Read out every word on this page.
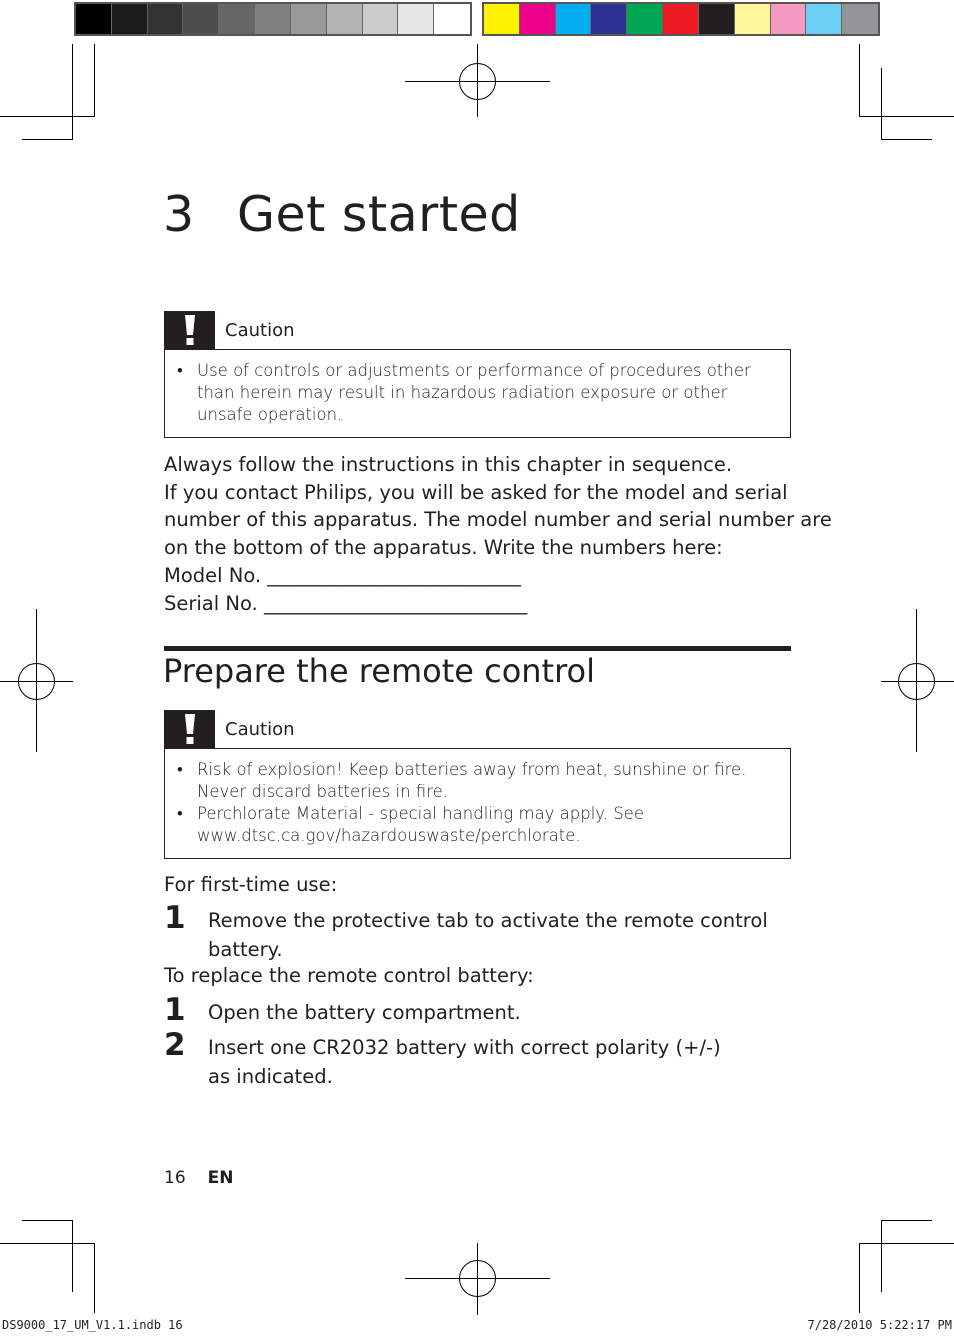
3 Get started
Caution
• Use of controls or adjustments or performance of procedures other than herein may result in hazardous radiation exposure or other unsafe operation.
Always follow the instructions in this chapter in sequence.
If you contact Philips, you will be asked for the model and serial
number of this apparatus. The model number and serial number are
on the bottom of the apparatus. Write the numbers here:
Model No. __________________________
Serial No. ___________________________
Prepare the remote control
Caution
• Risk of explosion! Keep batteries away from heat, sunshine or fire. Never discard batteries in fire.
• Perchlorate Material - special handling may apply. See www.dtsc.ca.gov/hazardouswaste/perchlorate.
For first-time use:
1 Remove the protective tab to activate the remote control battery.
To replace the remote control battery:
1 Open the battery compartment.
2 Insert one CR2032 battery with correct polarity (+/-) as indicated.
16 EN
DS9000_17_UM_V1.1.indb 16	7/28/2010 5:22:17 PM
